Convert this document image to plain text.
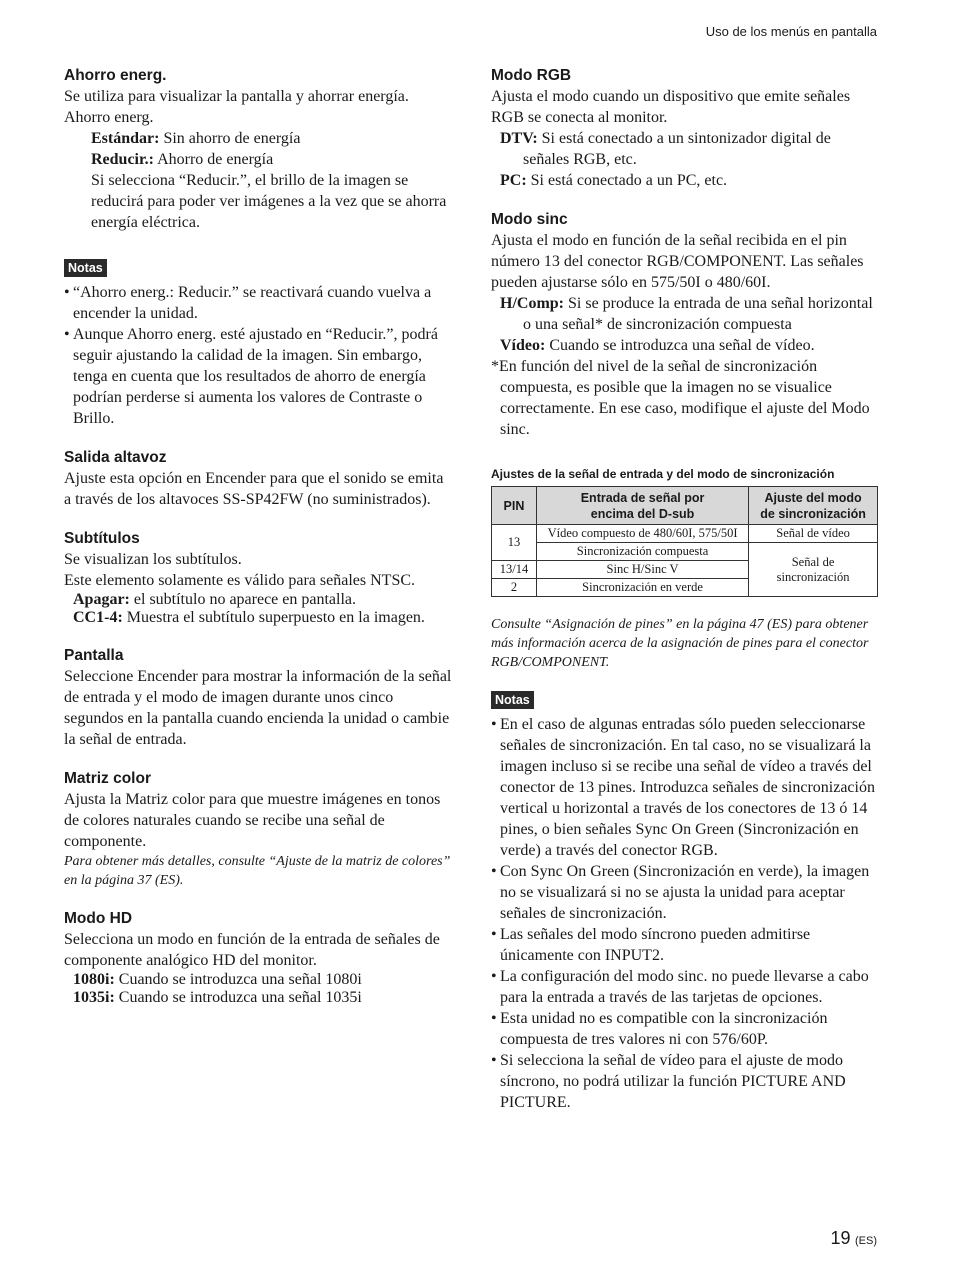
Uso de los menús en pantalla
Ahorro energ.

Se utiliza para visualizar la pantalla y ahorrar energía.

Ahorro energ.

Estándar: Sin ahorro de energía
Reducir.: Ahorro de energía
Si selecciona “Reducir.”, el brillo de la imagen se reducirá para poder ver imágenes a la vez que se ahorra energía eléctrica.
Notas
• “Ahorro energ.: Reducir.” se reactivará cuando vuelva a encender la unidad.
• Aunque Ahorro energ. esté ajustado en “Reducir.”, podrá seguir ajustando la calidad de la imagen. Sin embargo, tenga en cuenta que los resultados de ahorro de energía podrían perderse si aumenta los valores de Contraste o Brillo.
Salida altavoz

Ajuste esta opción en Encender para que el sonido se emita a través de los altavoces SS-SP42FW (no suministrados).

Subtítulos

Se visualizan los subtítulos.

Este elemento solamente es válido para señales NTSC.

Apagar: el subtítulo no aparece en pantalla.
CC1-4: Muestra el subtítulo superpuesto en la imagen.
Pantalla

Seleccione Encender para mostrar la información de la señal de entrada y el modo de imagen durante unos cinco segundos en la pantalla cuando encienda la unidad o cambie la señal de entrada.

Matriz color

Ajusta la Matriz color para que muestre imágenes en tonos de colores naturales cuando se recibe una señal de componente.

Para obtener más detalles, consulte “Ajuste de la matriz de colores” en la página 37 (ES).

Modo HD

Selecciona un modo en función de la entrada de señales de componente analógico HD del monitor.

1080i: Cuando se introduzca una señal 1080i
1035i: Cuando se introduzca una señal 1035i
Modo RGB

Ajusta el modo cuando un dispositivo que emite señales RGB se conecta al monitor.

DTV: Si está conectado a un sintonizador digital de señales RGB, etc.
PC: Si está conectado a un PC, etc.
Modo sinc

Ajusta el modo en función de la señal recibida en el pin número 13 del conector RGB/COMPONENT. Las señales pueden ajustarse sólo en 575/50I o 480/60I.

H/Comp: Si se produce la entrada de una señal horizontal o una señal* de sincronización compuesta
Vídeo: Cuando se introduzca una señal de vídeo.

*En función del nivel de la señal de sincronización compuesta, es posible que la imagen no se visualice correctamente. En ese caso, modifique el ajuste del Modo sinc.

Ajustes de la señal de entrada y del modo de sincronización
PIN	Entrada de señal por
encima del D-sub	Ajuste del modo
de sincronización
13	Vídeo compuesto de 480/60I, 575/50I	Señal de vídeo
	Sincronización compuesta	Señal de
sincronización
13/14	Sinc H/Sinc V	
2	Sincronización en verde	

Consulte “Asignación de pines” en la página 47 (ES) para obtener más información acerca de la asignación de pines para el conector RGB/COMPONENT.

Notas
• En el caso de algunas entradas sólo pueden seleccionarse señales de sincronización. En tal caso, no se visualizará la imagen incluso si se recibe una señal de vídeo a través del conector de 13 pines. Introduzca señales de sincronización vertical u horizontal a través de los conectores de 13 ó 14 pines, o bien señales Sync On Green (Sincronización en verde) a través del conector RGB.
• Con Sync On Green (Sincronización en verde), la imagen no se visualizará si no se ajusta la unidad para aceptar señales de sincronización.
• Las señales del modo síncrono pueden admitirse únicamente con INPUT2.
• La configuración del modo sinc. no puede llevarse a cabo para la entrada a través de las tarjetas de opciones.
• Esta unidad no es compatible con la sincronización compuesta de tres valores ni con 576/60P.
• Si selecciona la señal de vídeo para el ajuste de modo síncrono, no podrá utilizar la función PICTURE AND PICTURE.
19 (ES)
